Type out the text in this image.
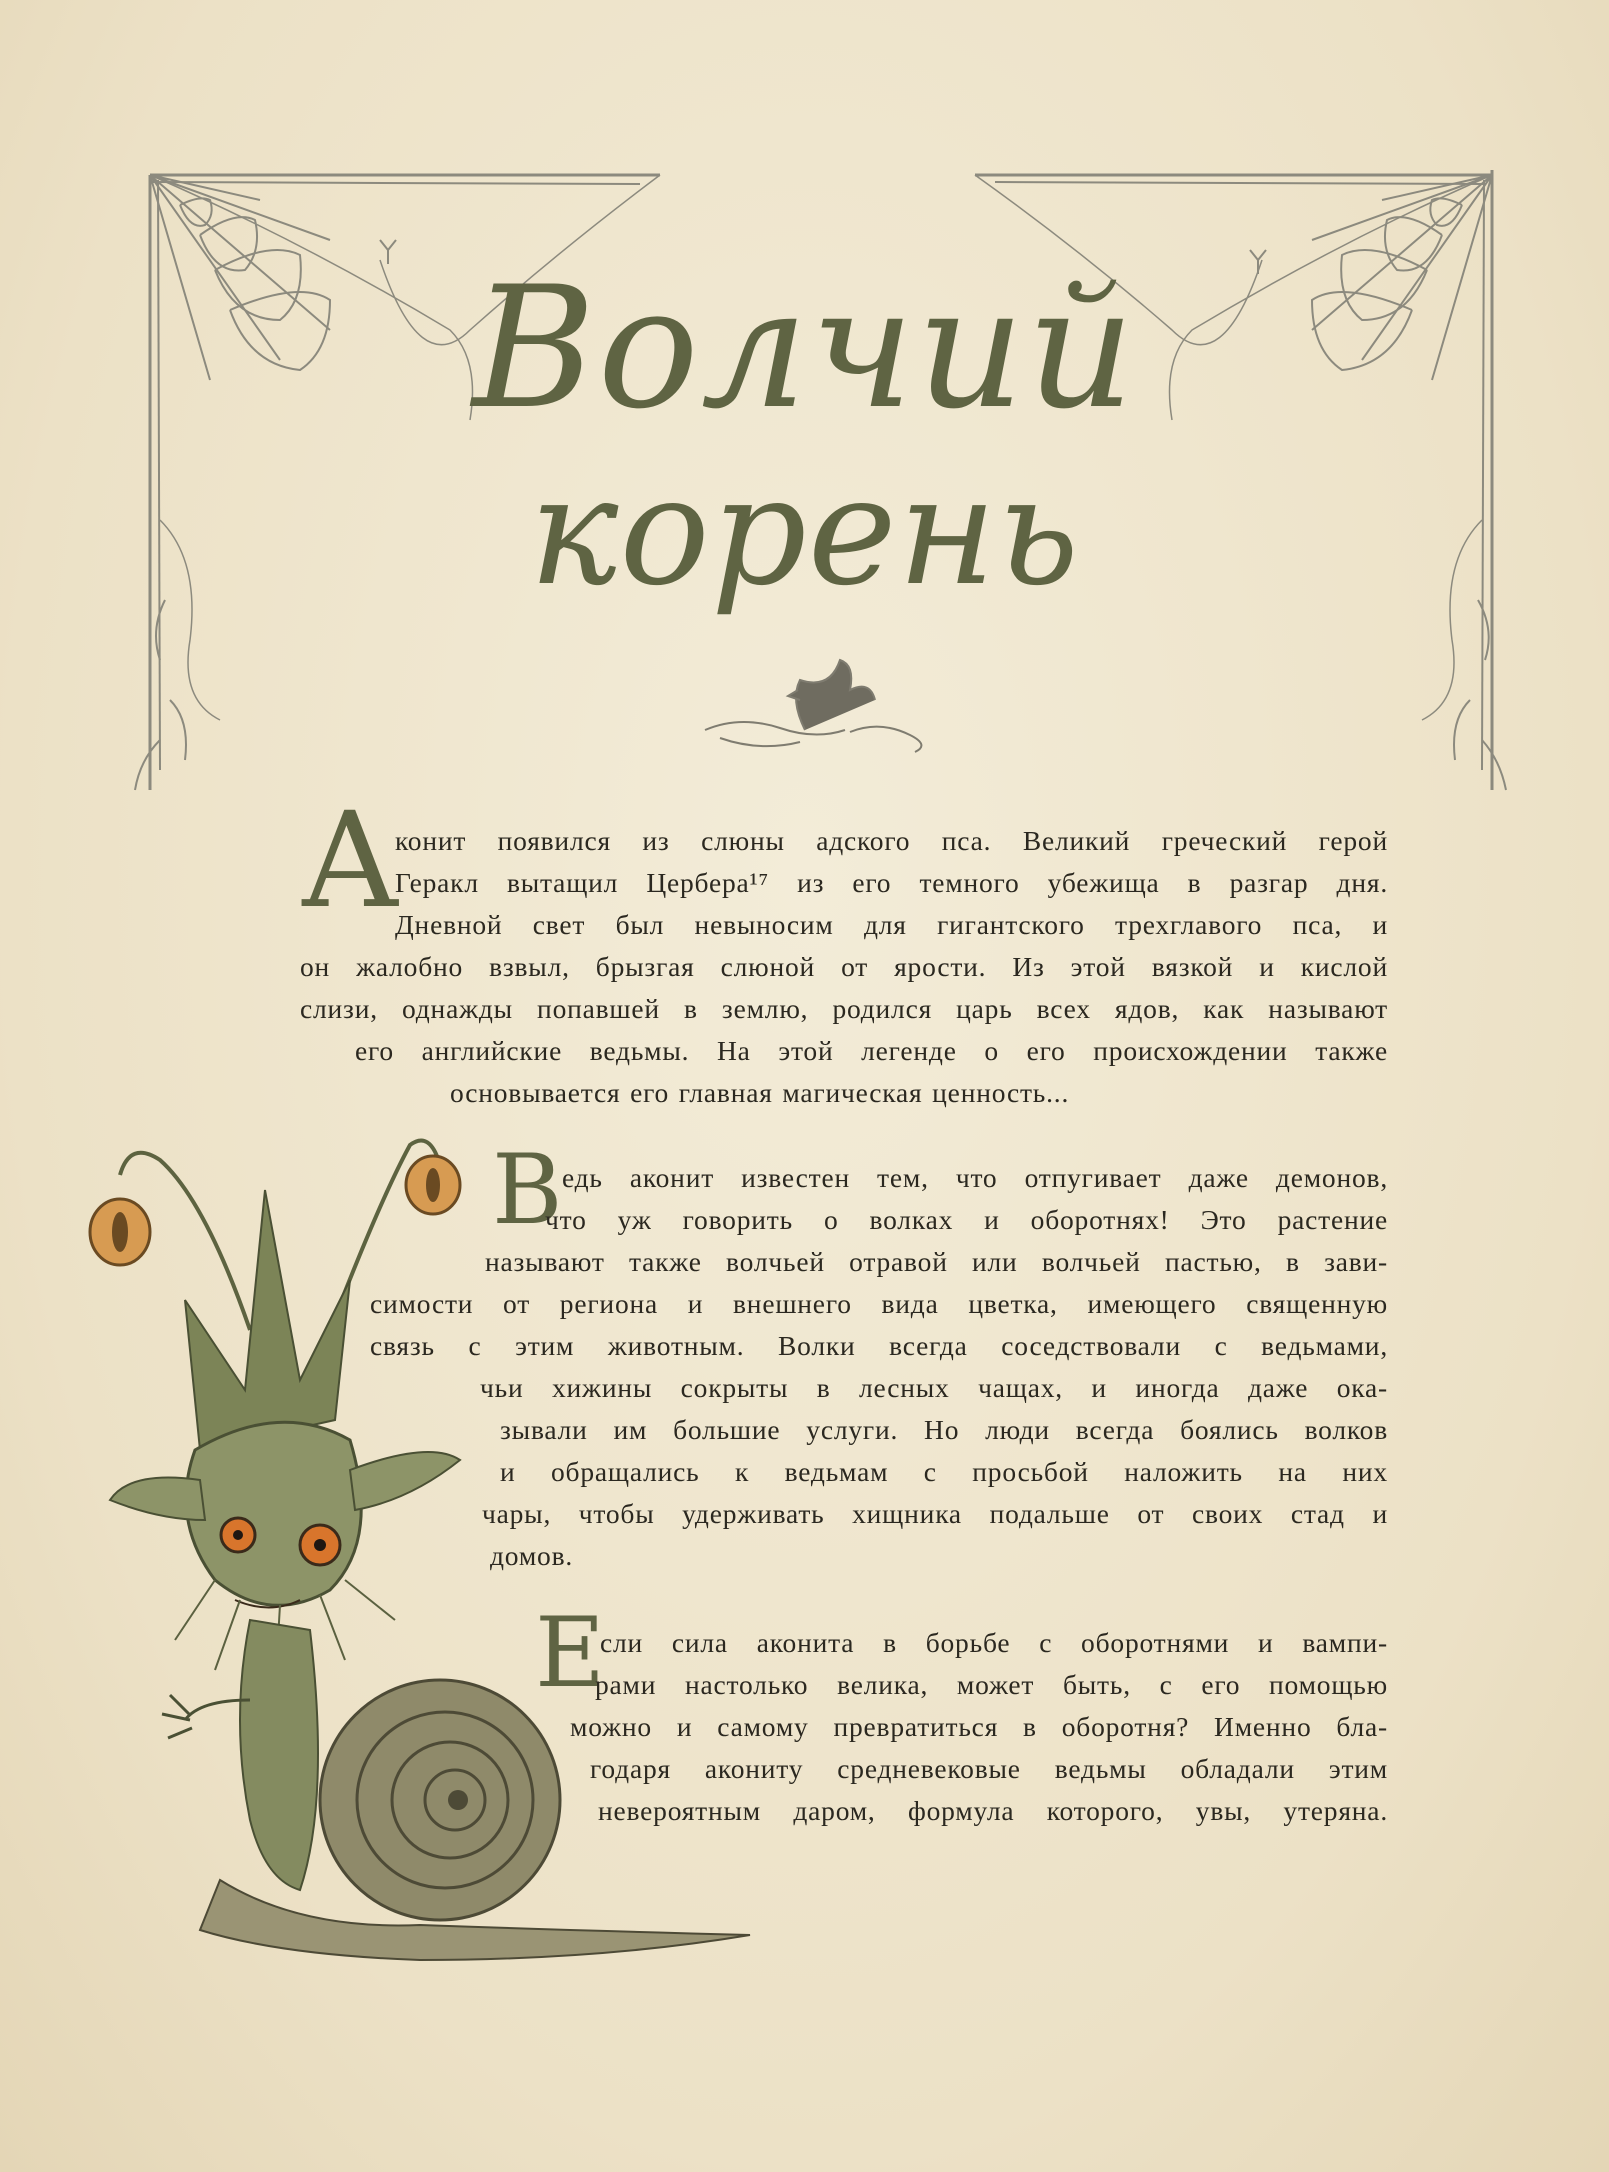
Волчий
корень
А

конит появился из слюны адского пса. Великий греческий герой
Геракл вытащил Цербера¹⁷ из его темного убежища в разгар дня.
Дневной свет был невыносим для гигантского трехглавого пса, и
он жалобно взвыл, брызгая слюной от ярости. Из этой вязкой и кислой
слизи, однажды попавшей в землю, родился царь всех ядов, как называют
его английские ведьмы. На этой легенде о его происхождении также
основывается его главная магическая ценность...

В едь аконит известен тем, что отпугивает даже демонов,
что уж говорить о волках и оборотнях! Это растение
называют также волчьей отравой или волчьей пастью, в зави-
симости от региона и внешнего вида цветка, имеющего священную
связь с этим животным. Волки всегда соседствовали с ведьмами,
чьи хижины сокрыты в лесных чащах, и иногда даже ока-
зывали им большие услуги. Но люди всегда боялись волков
и обращались к ведьмам с просьбой наложить на них
чары, чтобы удерживать хищника подальше от своих стад и
домов.

Е

сли сила аконита в борьбе с оборотнями и вампи-
рами настолько велика, может быть, с его помощью
можно и самому превратиться в оборотня? Именно бла-
годаря акониту средневековые ведьмы обладали этим
невероятным даром, формула которого, увы, утеряна.
